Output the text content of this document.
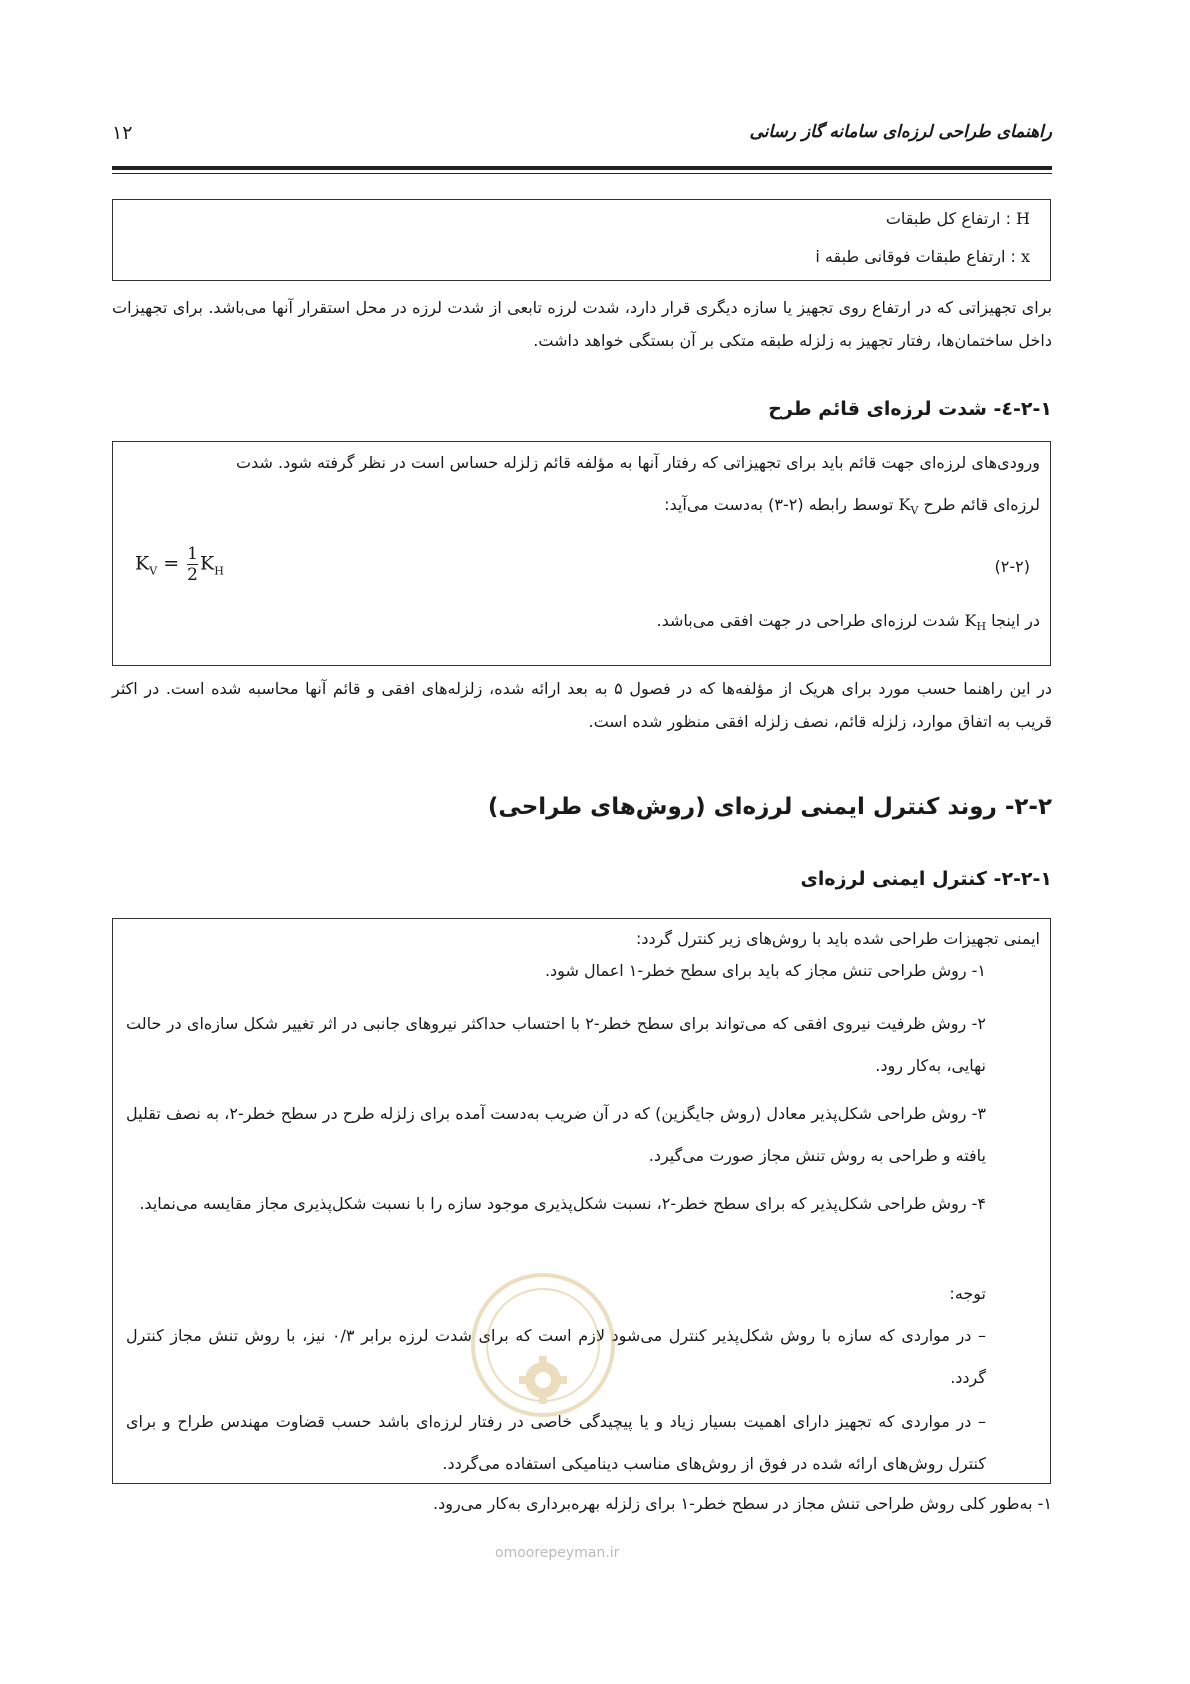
راهنمای طراحی لرزه‌ای سامانه گاز رسانی
۱۲
H : ارتفاع کل طبقات
x : ارتفاع طبقات فوقانی طبقه i
برای تجهیزاتی که در ارتفاع روی تجهیز یا سازه دیگری قرار دارد، شدت لرزه تابعی از شدت لرزه در محل استقرار آنها می‌باشد. برای تجهیزات داخل ساختمان‌ها، رفتار تجهیز به زلزله طبقه متکی بر آن بستگی خواهد داشت.
۲-۱-٤- شدت لرزه‌ای قائم طرح
ورودی‌های لرزه‌ای جهت قائم باید برای تجهیزاتی که رفتار آنها به مؤلفه قائم زلزله حساس است در نظر گرفته شود. شدت
لرزه‌ای قائم طرح $K_V$ توسط رابطه (۲-۳) به‌دست می‌آید:
$K_V = \frac{1}{2} K_H$	(۲-۲)
در اینجا $K_H$ شدت لرزه‌ای طراحی در جهت افقی می‌باشد.
در این راهنما حسب مورد برای هریک از مؤلفه‌ها که در فصول ۵ به بعد ارائه شده، زلزله‌های افقی و قائم آنها محاسبه شده است. در اکثر قریب به اتفاق موارد، زلزله قائم، نصف زلزله افقی منظور شده است.
۲-۲- روند کنترل ایمنی لرزه‌ای (روش‌های طراحی)
۲-۲-۱- کنترل ایمنی لرزه‌ای
ایمنی تجهیزات طراحی شده باید با روش‌های زیر کنترل گردد:
۱- روش طراحی تنش مجاز که باید برای سطح خطر-۱ اعمال شود.
۲- روش ظرفیت نیروی افقی که می‌تواند برای سطح خطر-۲ با احتساب حداکثر نیروهای جانبی در اثر تغییر شکل سازه‌ای در حالت نهایی، به‌کار رود.
۳- روش طراحی شکل‌پذیر معادل (روش جایگزین) که در آن ضریب به‌دست آمده برای زلزله طرح در سطح خطر-۲، به نصف تقلیل یافته و طراحی به روش تنش مجاز صورت می‌گیرد.
۴- روش طراحی شکل‌پذیر که برای سطح خطر-۲، نسبت شکل‌پذیری موجود سازه را با نسبت شکل‌پذیری مجاز مقایسه می‌نماید.
توجه:
– در مواردی که سازه با روش شکل‌پذیر کنترل می‌شود لازم است که برای شدت لرزه برابر ۰/۳ نیز، با روش تنش مجاز کنترل گردد.
– در مواردی که تجهیز دارای اهمیت بسیار زیاد و یا پیچیدگی خاصی در رفتار لرزه‌ای باشد حسب قضاوت مهندس طراح و برای کنترل روش‌های ارائه شده در فوق از روش‌های مناسب دینامیکی استفاده می‌گردد.
۱- به‌طور کلی روش طراحی تنش مجاز در سطح خطر-۱ برای زلزله بهره‌برداری به‌کار می‌رود.
omoorepeyman.ir
